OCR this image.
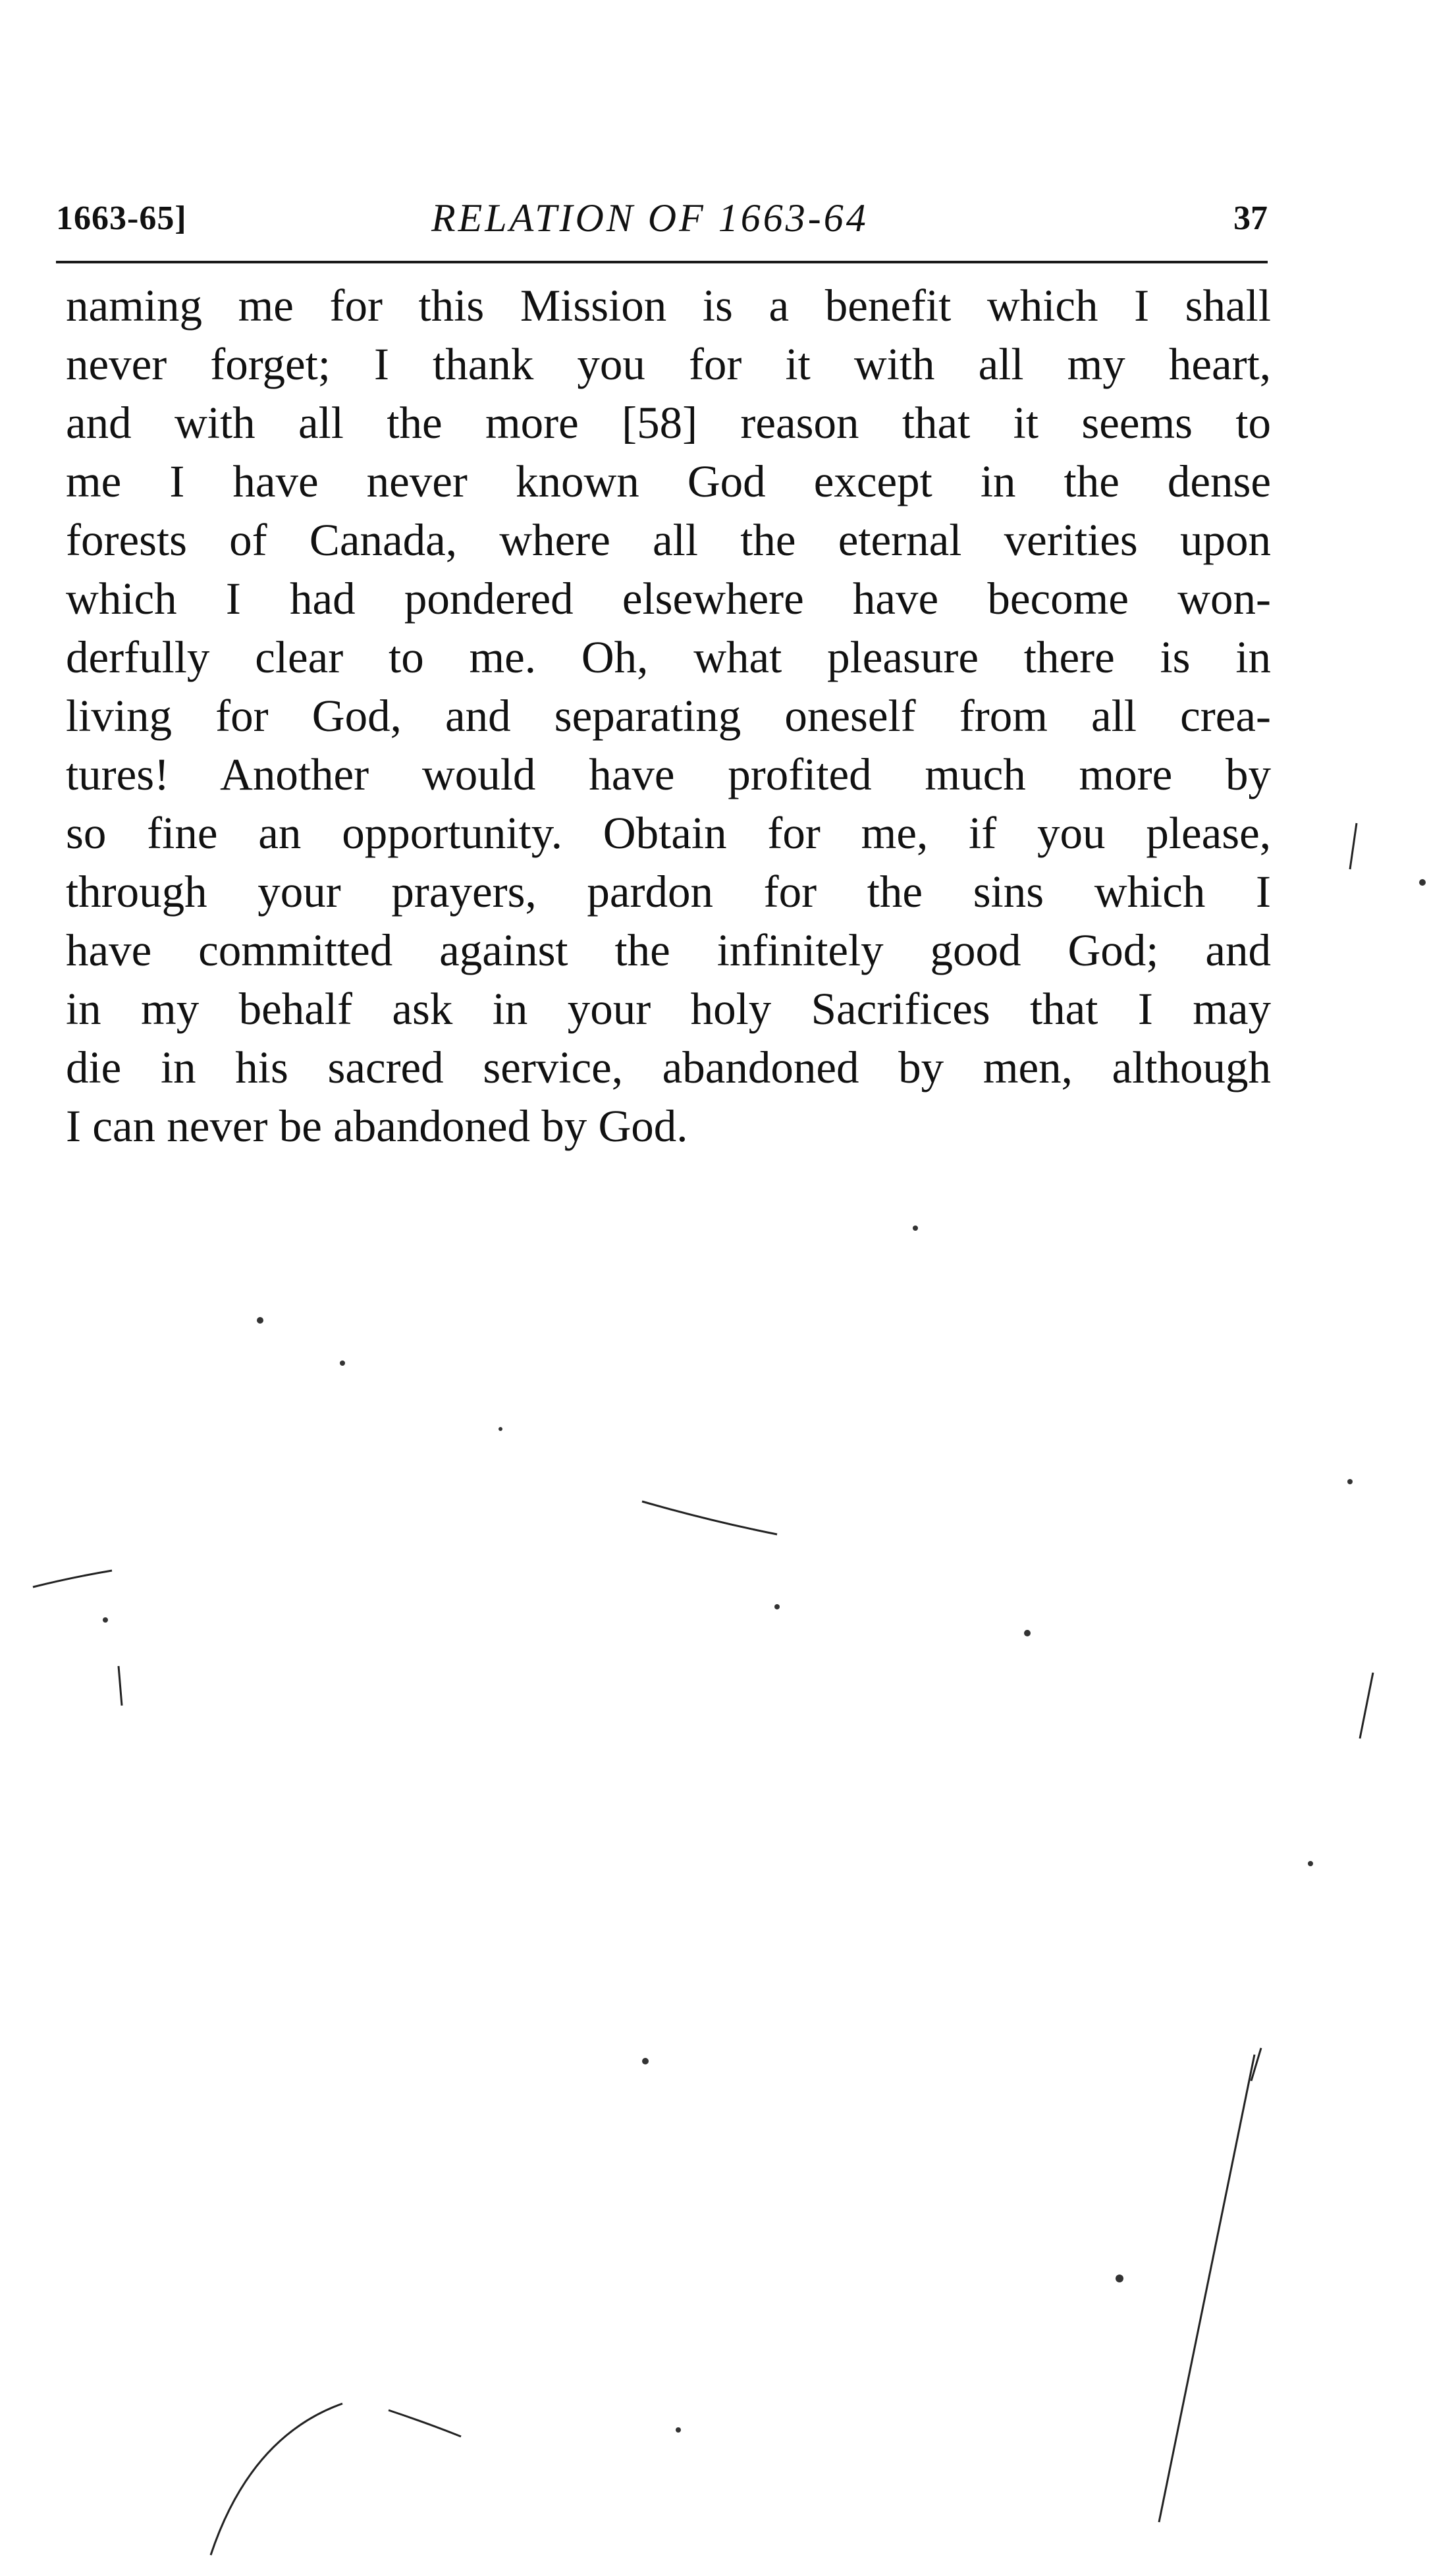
1663-65]	RELATION OF 1663-64	37
naming me for this Mission is a benefit which I shall
never forget; I thank you for it with all my heart,
and with all the more [58] reason that it seems to
me I have never known God except in the dense
forests of Canada, where all the eternal verities upon
which I had pondered elsewhere have become won-
derfully clear to me. Oh, what pleasure there is in
living for God, and separating oneself from all crea-
tures! Another would have profited much more by
so fine an opportunity. Obtain for me, if you please,
through your prayers, pardon for the sins which I
have committed against the infinitely good God; and
in my behalf ask in your holy Sacrifices that I may
die in his sacred service, abandoned by men, although
I can never be abandoned by God.
